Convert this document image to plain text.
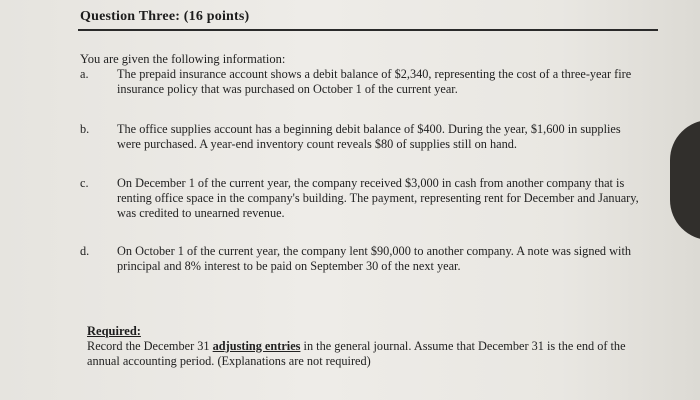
Question Three: (16 points)
You are given the following information:
a.	The prepaid insurance account shows a debit balance of $2,340, representing the cost of a three-year fire insurance policy that was purchased on October 1 of the current year.
b.	The office supplies account has a beginning debit balance of $400. During the year, $1,600 in supplies were purchased. A year-end inventory count reveals $80 of supplies still on hand.
c.	On December 1 of the current year, the company received $3,000 in cash from another company that is renting office space in the company's building. The payment, representing rent for December and January, was credited to unearned revenue.
d.	On October 1 of the current year, the company lent $90,000 to another company. A note was signed with principal and 8% interest to be paid on September 30 of the next year.
Required:
Record the December 31 adjusting entries in the general journal. Assume that December 31 is the end of the annual accounting period. (Explanations are not required)
